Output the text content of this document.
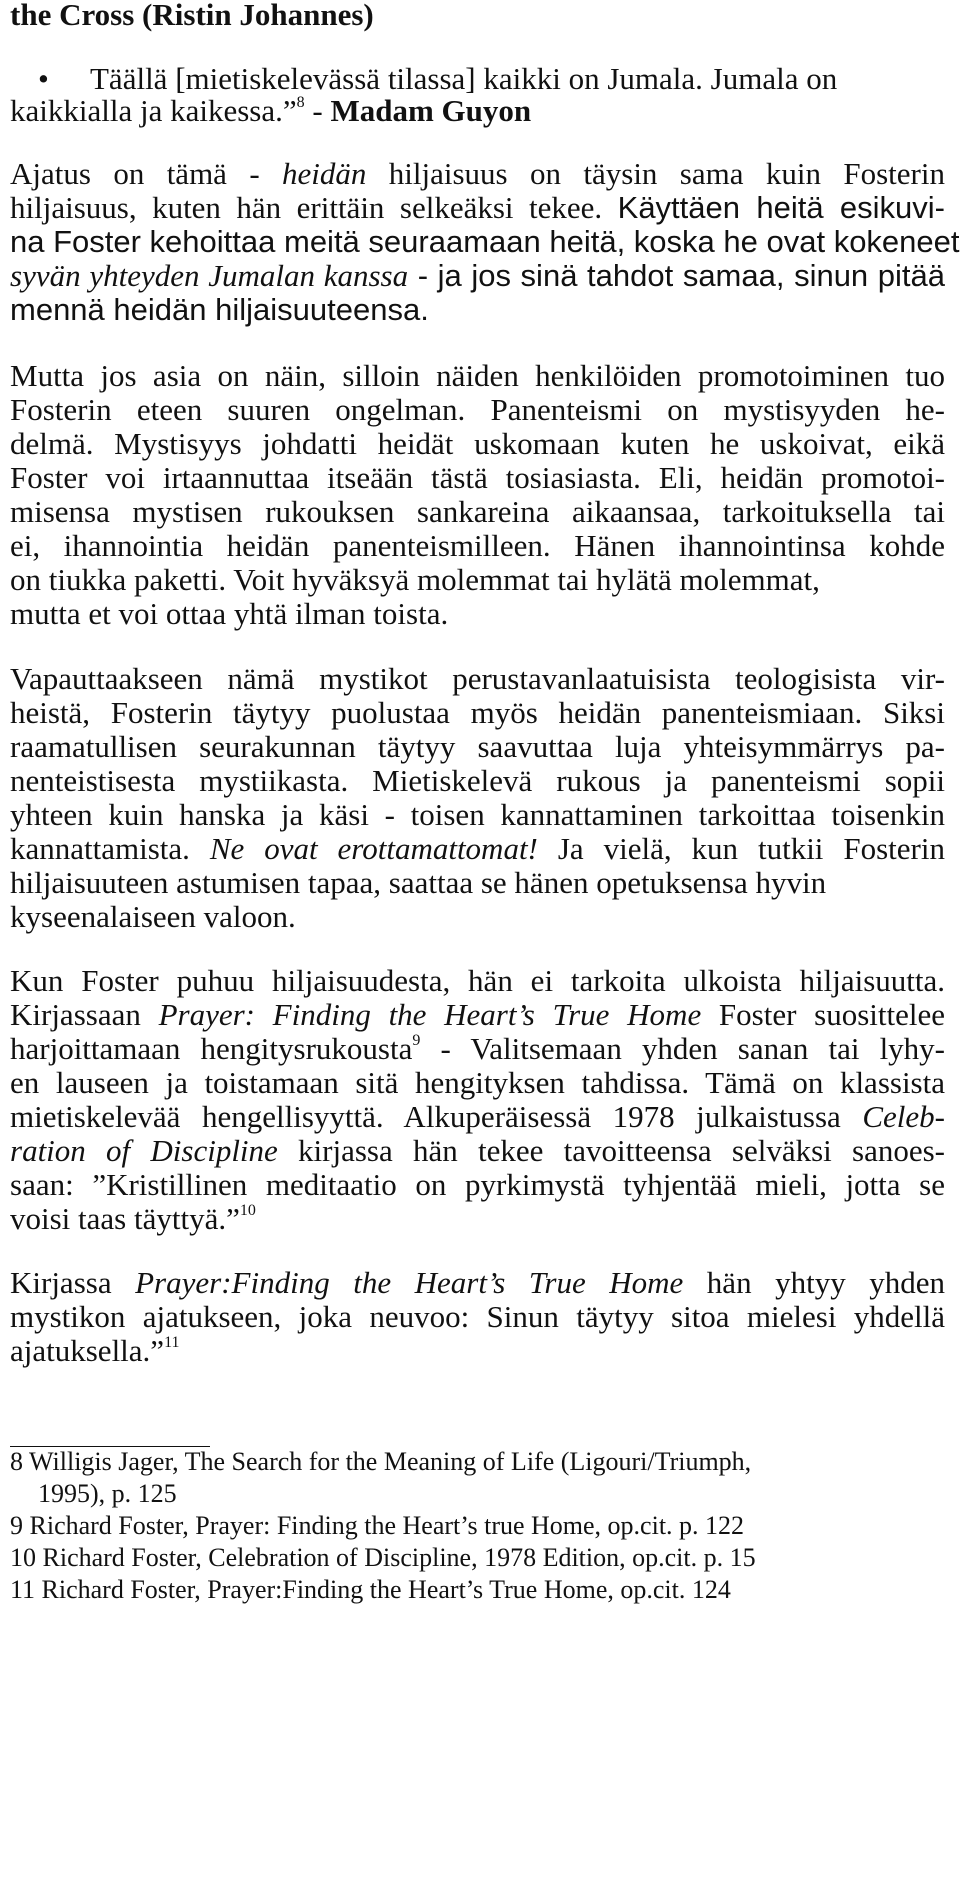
the Cross (Ristin Johannes)
• Täällä [mietiskelevässä tilassa] kaikki on Jumala. Jumala on
kaikkialla ja kaikessa.”$^8$ - Madam Guyon
Ajatus on tämä - heidän hiljaisuus on täysin sama kuin Fosterin
hiljaisuus, kuten hän erittäin selkeäksi tekee. Käyttäen heitä esikuvi-
na Foster kehoittaa meitä seuraamaan heitä, koska he ovat kokeneet
syvän yhteyden Jumalan kanssa - ja jos sinä tahdot samaa, sinun pitää
mennä heidän hiljaisuuteensa.
Mutta jos asia on näin, silloin näiden henkilöiden promotoiminen tuo
Fosterin eteen suuren ongelman. Panenteismi on mystisyyden he-
delmä. Mystisyys johdatti heidät uskomaan kuten he uskoivat, eikä
Foster voi irtaannuttaa itseään tästä tosiasiasta. Eli, heidän promotoi-
misensa mystisen rukouksen sankareina aikaansaa, tarkoituksella tai
ei, ihannointia heidän panenteismilleen. Hänen ihannointinsa kohde
on tiukka paketti. Voit hyväksyä molemmat tai hylätä molemmat,
mutta et voi ottaa yhtä ilman toista.
Vapauttaakseen nämä mystikot perustavanlaatuisista teologisista vir-
heistä, Fosterin täytyy puolustaa myös heidän panenteismiaan. Siksi
raamatullisen seurakunnan täytyy saavuttaa luja yhteisymmärrys pa-
nenteistisesta mystiikasta. Mietiskelevä rukous ja panenteismi sopii
yhteen kuin hanska ja käsi - toisen kannattaminen tarkoittaa toisenkin
kannattamista. Ne ovat erottamattomat! Ja vielä, kun tutkii Fosterin
hiljaisuuteen astumisen tapaa, saattaa se hänen opetuksensa hyvin
kyseenalaiseen valoon.
Kun Foster puhuu hiljaisuudesta, hän ei tarkoita ulkoista hiljaisuutta.
Kirjassaan Prayer: Finding the Heart’s True Home Foster suosittelee
harjoittamaan hengitysrukousta$^9$ - Valitsemaan yhden sanan tai lyhy-
en lauseen ja toistamaan sitä hengityksen tahdissa. Tämä on klassista
mietiskelevää hengellisyyttä. Alkuperäisessä 1978 julkaistussa Celeb-
ration of Discipline kirjassa hän tekee tavoitteensa selväksi sanoes-
saan: ”Kristillinen meditaatio on pyrkimystä tyhjentää mieli, jotta se
voisi taas täyttyä.”$^{10}$
Kirjassa Prayer:Finding the Heart’s True Home hän yhtyy yhden
mystikon ajatukseen, joka neuvoo: Sinun täytyy sitoa mielesi yhdellä
ajatuksella.”$^{11}$
8 Willigis Jager, The Search for the Meaning of Life (Ligouri/Triumph,
1995), p. 125
9 Richard Foster, Prayer: Finding the Heart’s true Home, op.cit. p. 122
10 Richard Foster, Celebration of Discipline, 1978 Edition, op.cit. p. 15
11 Richard Foster, Prayer:Finding the Heart’s True Home, op.cit. 124
